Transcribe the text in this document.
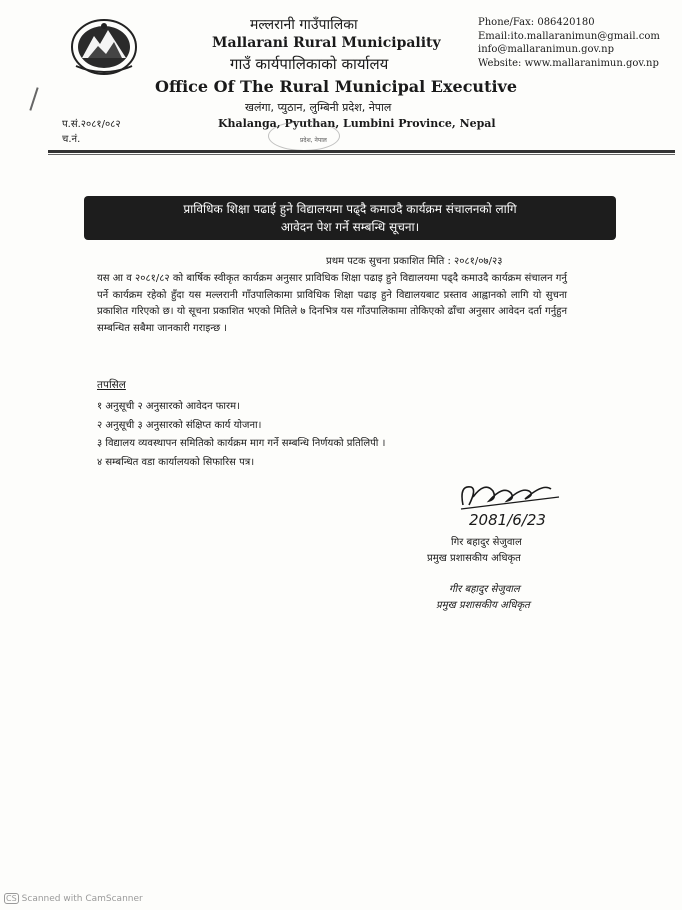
मल्लरानी गाउँपालिका
Mallarani Rural Municipality
गाउँ कार्यपालिकाको कार्यालय
Office Of The Rural Municipal Executive
खलंगा, प्युठान, लुम्बिनी प्रदेश, नेपाल
Khalanga, Pyuthan, Lumbini Province, Nepal
Phone/Fax: 086420180
Email:ito.mallaranimun@gmail.com
info@mallaranimun.gov.np
Website: www.mallaranimun.gov.np
प.सं.२०८१/०८२
च.नं.	प्रदेश, नेपाल
प्राविधिक शिक्षा पढाई हुने विद्यालयमा पढ्दै कमाउदै कार्यक्रम संचालनको लागि
आवेदन पेश गर्ने सम्बन्धि सूचना।
प्रथम पटक सुचना प्रकाशित मिति : २०८१/०७/२३
यस आ व २०८१/८२ को बार्षिक स्वीकृत कार्यक्रम अनुसार प्राविधिक शिक्षा पढाइ हुने विद्यालयमा पढ्दै कमाउदै कार्यक्रम संचालन गर्नु पर्ने कार्यक्रम रहेको हुँदा यस मल्लरानी गाँउपालिकामा प्राविधिक शिक्षा पढाइ हुने विद्यालयबाट प्रस्ताव आह्वानको लागि यो सुचना प्रकाशित गरिएको छ। यो सूचना प्रकाशित भएको मितिले ७ दिनभित्र यस गाँउपालिकामा तोकिएको ढाँचा अनुसार आवेदन दर्ता गर्नुहुन सम्बन्धित सबैमा जानकारी गराइन्छ ।
तपसिल
१ अनुसूची २ अनुसारको आवेदन फारम।
२ अनुसूची ३ अनुसारको संक्षिप्त कार्य योजना।
३ विद्यालय व्यवस्थापन समितिको कार्यक्रम माग गर्ने सम्बन्धि निर्णयको प्रतिलिपी ।
४ सम्बन्धित वडा कार्यालयको सिफारिस पत्र।
2081/6/23
गिर बहादुर सेजुवाल
प्रमुख प्रशासकीय अधिकृत
गीर बहादुर सेजुवाल
प्रमुख प्रशासकीय अधिकृत
CS Scanned with CamScanner
